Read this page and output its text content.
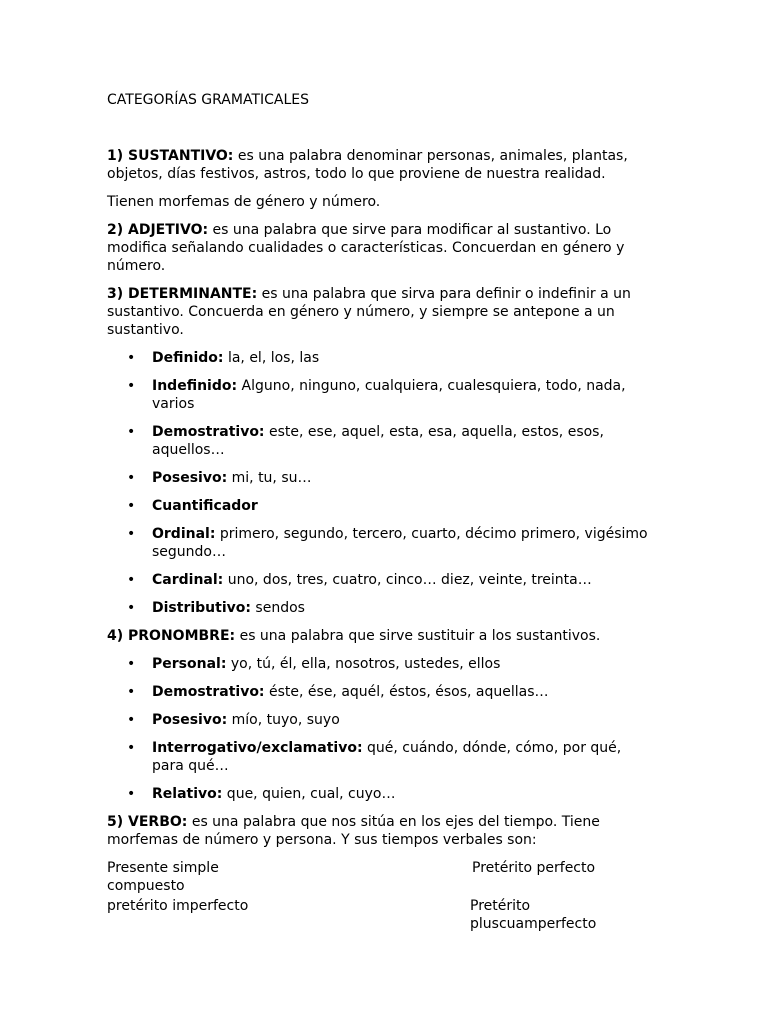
CATEGORÍAS GRAMATICALES

1) SUSTANTIVO: es una palabra denominar personas, animales, plantas, objetos, días festivos, astros, todo lo que proviene de nuestra realidad.

Tienen morfemas de género y número.

2) ADJETIVO: es una palabra que sirve para modificar al sustantivo. Lo modifica señalando cualidades o características. Concuerdan en género y número.

3) DETERMINANTE: es una palabra que sirva para definir o indefinir a un sustantivo. Concuerda en género y número, y siempre se antepone a un sustantivo.

• Definido: la, el, los, las
• Indefinido: Alguno, ninguno, cualquiera, cualesquiera, todo, nada, varios
• Demostrativo: este, ese, aquel, esta, esa, aquella, estos, esos, aquellos…
• Posesivo: mi, tu, su…
• Cuantificador
• Ordinal: primero, segundo, tercero, cuarto, décimo primero, vigésimo segundo…
• Cardinal: uno, dos, tres, cuatro, cinco… diez, veinte, treinta…
• Distributivo: sendos

4) PRONOMBRE: es una palabra que sirve sustituir a los sustantivos.

• Personal: yo, tú, él, ella, nosotros, ustedes, ellos
• Demostrativo: éste, ése, aquél, éstos, ésos, aquellas…
• Posesivo: mío, tuyo, suyo
• Interrogativo/exclamativo: qué, cuándo, dónde, cómo, por qué, para qué…
• Relativo: que, quien, cual, cuyo…

5) VERBO: es una palabra que nos sitúa en los ejes del tiempo. Tiene morfemas de número y persona. Y sus tiempos verbales son:

Presente simple	Pretérito perfecto
compuesto
pretérito imperfecto	Pretérito pluscuamperfecto
